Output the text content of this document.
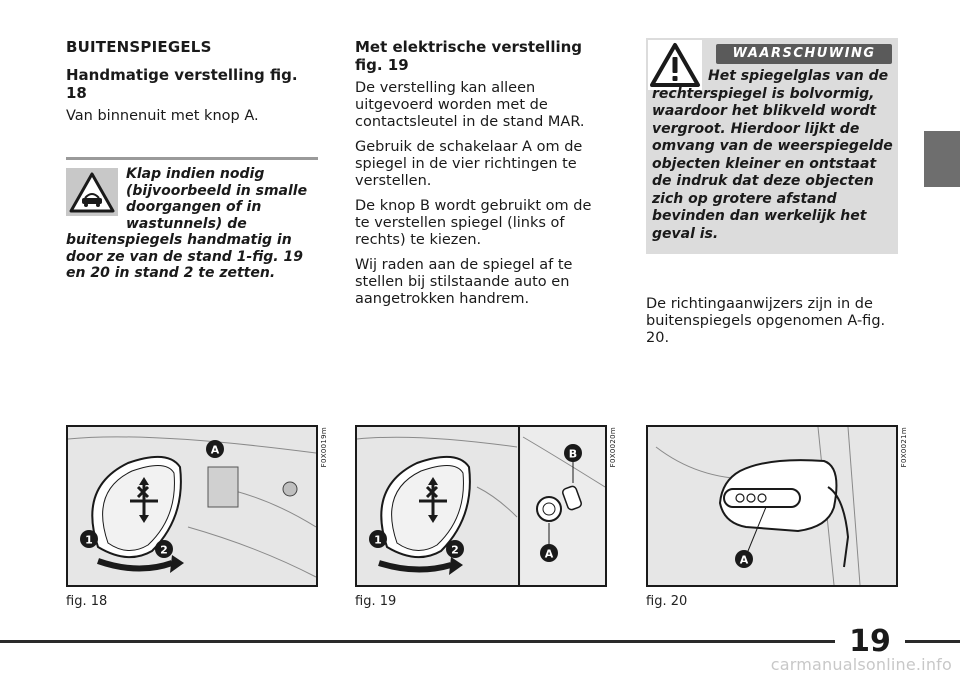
BUITENSPIEGELS
Handmatige verstelling fig. 18
Van binnenuit met knop A.
Klap indien nodig (bijvoorbeeld in smalle doorgangen of in wastunnels) de buitenspiegels handmatig in door ze van de stand 1-fig. 19 en 20 in stand 2 te zetten.
Met elektrische verstelling fig. 19
De verstelling kan alleen uitgevoerd worden met de contactsleutel in de stand MAR.
Gebruik de schakelaar A om de spiegel in de vier richtingen te verstellen.
De knop B wordt gebruikt om de te verstellen spiegel (links of rechts) te kiezen.
Wij raden aan de spiegel af te stellen bij stilstaande auto en aangetrokken handrem.
WAARSCHUWING
Het spiegelglas van de rechterspiegel is bolvormig, waardoor het blikveld wordt vergroot. Hierdoor lijkt de omvang van de weerspiegelde objecten kleiner en ontstaat de indruk dat deze objecten zich op grotere afstand bevinden dan werkelijk het geval is.
De richtingaanwijzers zijn in de buitenspiegels opgenomen A-fig. 20.
A
1
2
F0X0019m
fig. 18
B
1
2	A
F0X0020m
fig. 19
A
F0X0021m
fig. 20
19
carmanualsonline.info
